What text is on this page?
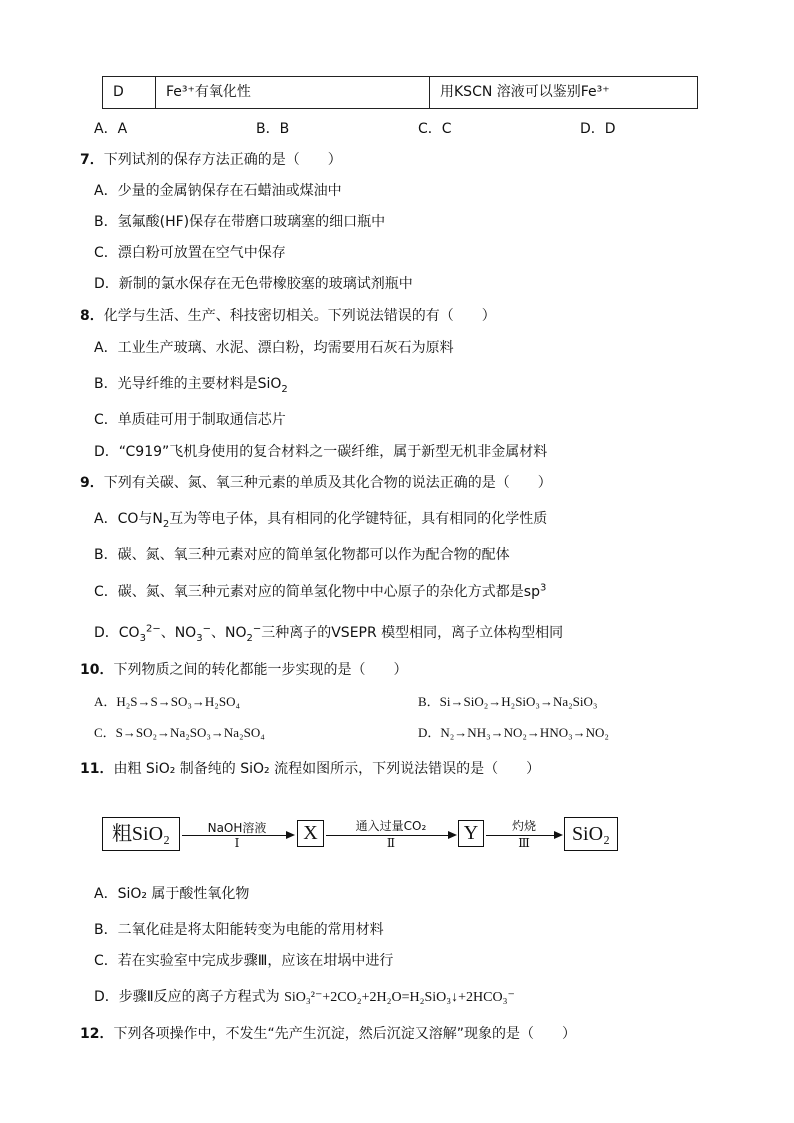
D	Fe³⁺有氧化性	用KSCN 溶液可以鉴别Fe³⁺
A．A	B．B	C．C	D．D
7．下列试剂的保存方法正确的是（　　）
A．少量的金属钠保存在石蜡油或煤油中
B．氢氟酸(HF)保存在带磨口玻璃塞的细口瓶中
C．漂白粉可放置在空气中保存
D．新制的氯水保存在无色带橡胶塞的玻璃试剂瓶中
8．化学与生活、生产、科技密切相关。下列说法错误的有（　　）
A．工业生产玻璃、水泥、漂白粉，均需要用石灰石为原料
B．光导纤维的主要材料是SiO$_2$
C．单质硅可用于制取通信芯片
D．“C919”飞机身使用的复合材料之一碳纤维，属于新型无机非金属材料
9．下列有关碳、氮、氧三种元素的单质及其化合物的说法正确的是（　　）
A．CO与$N_2$互为等电子体，具有相同的化学键特征，具有相同的化学性质
B．碳、氮、氧三种元素对应的简单氢化物都可以作为配合物的配体
C．碳、氮、氧三种元素对应的简单氢化物中中心原子的杂化方式都是$sp^3$
D．$CO_3^{2-}$、$NO_3^-$、$NO_2^-$三种离子的VSEPR 模型相同，离子立体构型相同
10．下列物质之间的转化都能一步实现的是（　　）
A．H₂S→S→SO₃→H₂SO₄	B．Si→SiO₂→H₂SiO₃→Na₂SiO₃
C．S→SO₂→Na₂SO₃→Na₂SO₄	D．N₂→NH₃→NO₂→HNO₃→NO₂
11．由粗 SiO₂ 制备纯的 SiO₂ 流程如图所示，下列说法错误的是（　　）
粗SiO₂	NaOH溶液
Ⅰ	X	通入过量CO₂
Ⅱ	Y	灼烧
Ⅲ	SiO₂
A．SiO₂ 属于酸性氧化物
B．二氧化硅是将太阳能转变为电能的常用材料
C．若在实验室中完成步骤Ⅲ，应该在坩埚中进行
D．步骤Ⅱ反应的离子方程式为 SiO₃²⁻+2CO₂+2H₂O=H₂SiO₃↓+2HCO₃⁻
12．下列各项操作中，不发生“先产生沉淀，然后沉淀又溶解”现象的是（　　）
